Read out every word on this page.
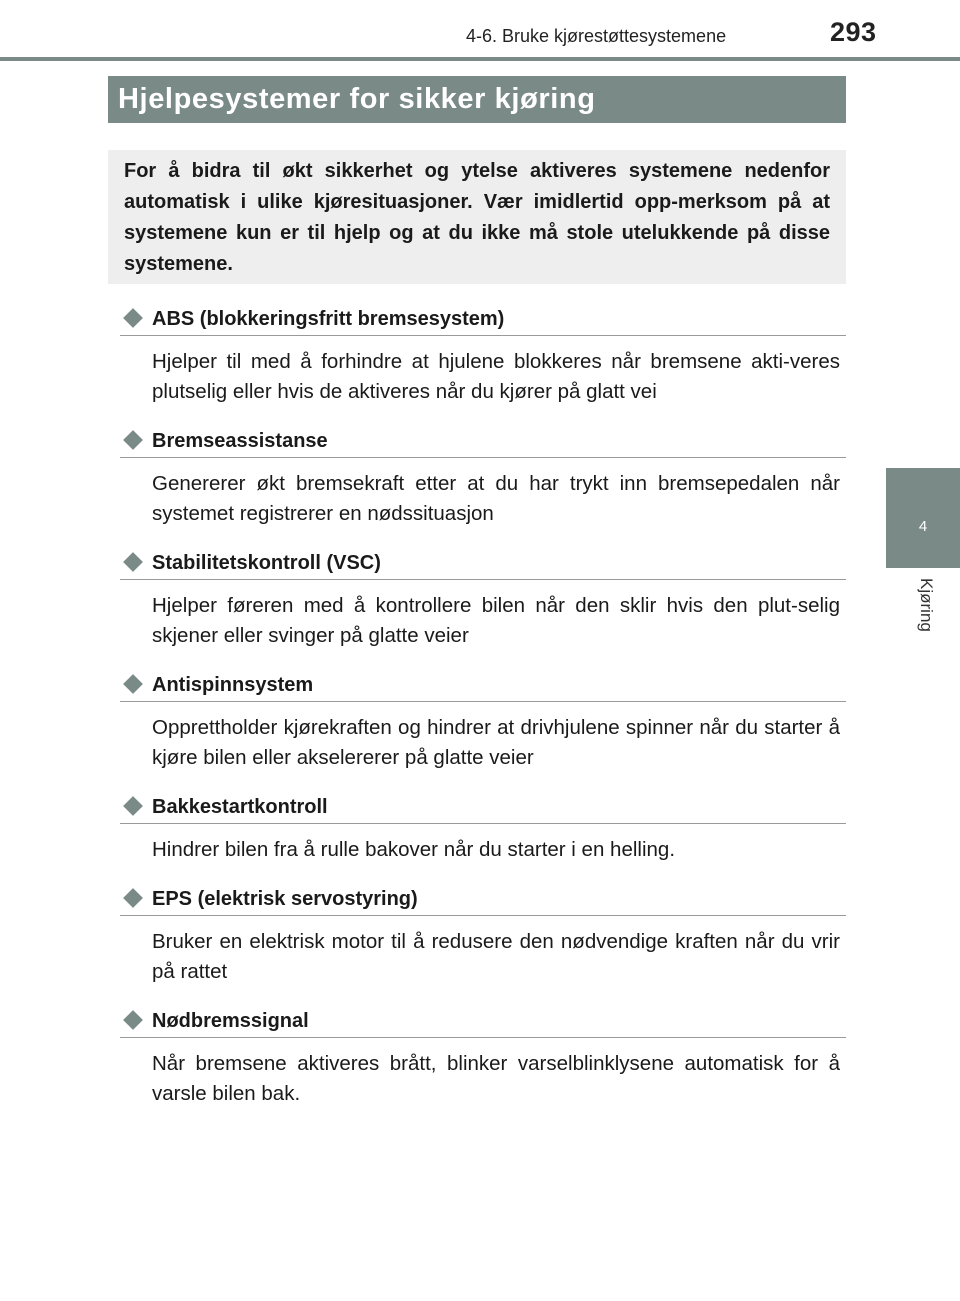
4-6. Bruke kjørestøttesystemene	293
4
Kjøring
Hjelpesystemer for sikker kjøring
For å bidra til økt sikkerhet og ytelse aktiveres systemene nedenfor automatisk i ulike kjøresituasjoner. Vær imidlertid opp-merksom på at systemene kun er til hjelp og at du ikke må stole utelukkende på disse systemene.
ABS (blokkeringsfritt bremsesystem)
Hjelper til med å forhindre at hjulene blokkeres når bremsene akti-veres plutselig eller hvis de aktiveres når du kjører på glatt vei
Bremseassistanse
Genererer økt bremsekraft etter at du har trykt inn bremsepedalen når systemet registrerer en nødssituasjon
Stabilitetskontroll (VSC)
Hjelper føreren med å kontrollere bilen når den sklir hvis den plut-selig skjener eller svinger på glatte veier
Antispinnsystem
Opprettholder kjørekraften og hindrer at drivhjulene spinner når du starter å kjøre bilen eller akselererer på glatte veier
Bakkestartkontroll
Hindrer bilen fra å rulle bakover når du starter i en helling.
EPS (elektrisk servostyring)
Bruker en elektrisk motor til å redusere den nødvendige kraften når du vrir på rattet
Nødbremssignal
Når bremsene aktiveres brått, blinker varselblinklysene automatisk for å varsle bilen bak.
